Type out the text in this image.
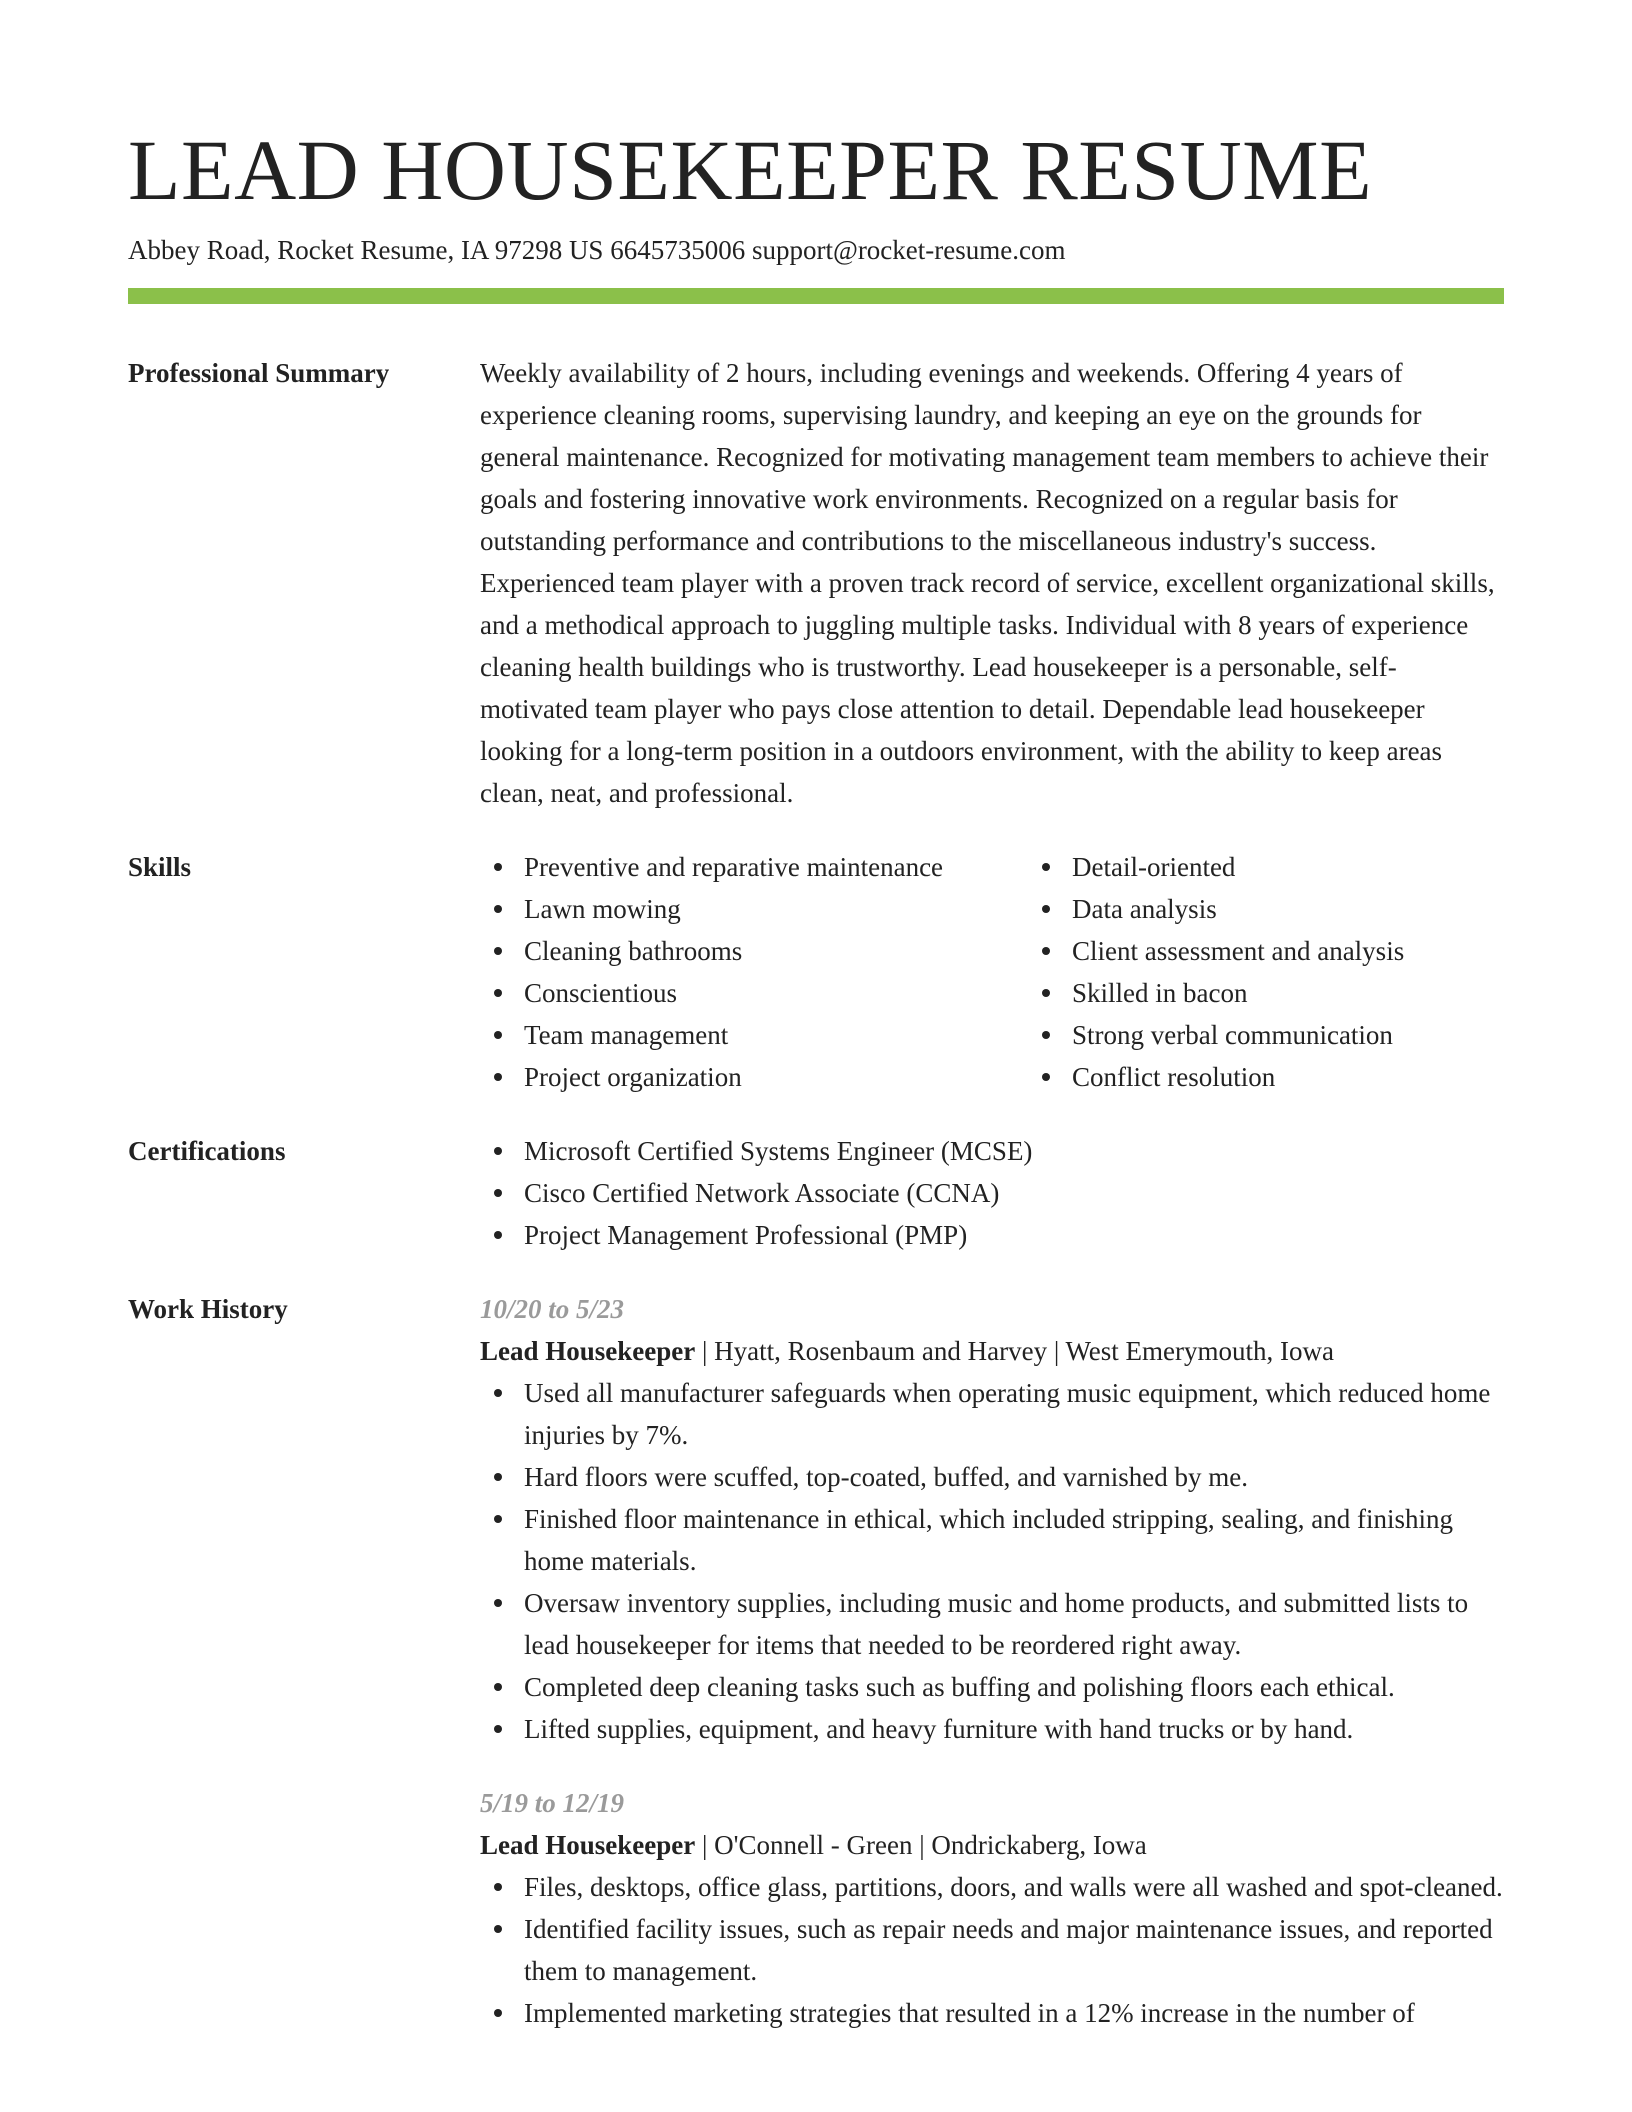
LEAD HOUSEKEEPER RESUME
Abbey Road, Rocket Resume, IA 97298 US 6645735006 support@rocket-resume.com
Professional Summary	Weekly availability of 2 hours, including evenings and weekends. Offering 4 years of experience cleaning rooms, supervising laundry, and keeping an eye on the grounds for general maintenance. Recognized for motivating management team members to achieve their goals and fostering innovative work environments. Recognized on a regular basis for outstanding performance and contributions to the miscellaneous industry's success. Experienced team player with a proven track record of service, excellent organizational skills, and a methodical approach to juggling multiple tasks. Individual with 8 years of experience cleaning health buildings who is trustworthy. Lead housekeeper is a personable, self-motivated team player who pays close attention to detail. Dependable lead housekeeper looking for a long-term position in a outdoors environment, with the ability to keep areas clean, neat, and professional.
Skills	Preventive and reparative maintenance
Lawn mowing
Cleaning bathrooms
Conscientious
Team management
Project organization
Detail-oriented
Data analysis
Client assessment and analysis
Skilled in bacon
Strong verbal communication
Conflict resolution
Certifications	Microsoft Certified Systems Engineer (MCSE)
Cisco Certified Network Associate (CCNA)
Project Management Professional (PMP)
Work History	10/20 to 5/23
Lead Housekeeper | Hyatt, Rosenbaum and Harvey | West Emerymouth, Iowa
Used all manufacturer safeguards when operating music equipment, which reduced home injuries by 7%.
Hard floors were scuffed, top-coated, buffed, and varnished by me.
Finished floor maintenance in ethical, which included stripping, sealing, and finishing home materials.
Oversaw inventory supplies, including music and home products, and submitted lists to lead housekeeper for items that needed to be reordered right away.
Completed deep cleaning tasks such as buffing and polishing floors each ethical.
Lifted supplies, equipment, and heavy furniture with hand trucks or by hand.
5/19 to 12/19
Lead Housekeeper | O'Connell - Green | Ondrickaberg, Iowa
Files, desktops, office glass, partitions, doors, and walls were all washed and spot-cleaned.
Identified facility issues, such as repair needs and major maintenance issues, and reported them to management.
Implemented marketing strategies that resulted in a 12% increase in the number of
